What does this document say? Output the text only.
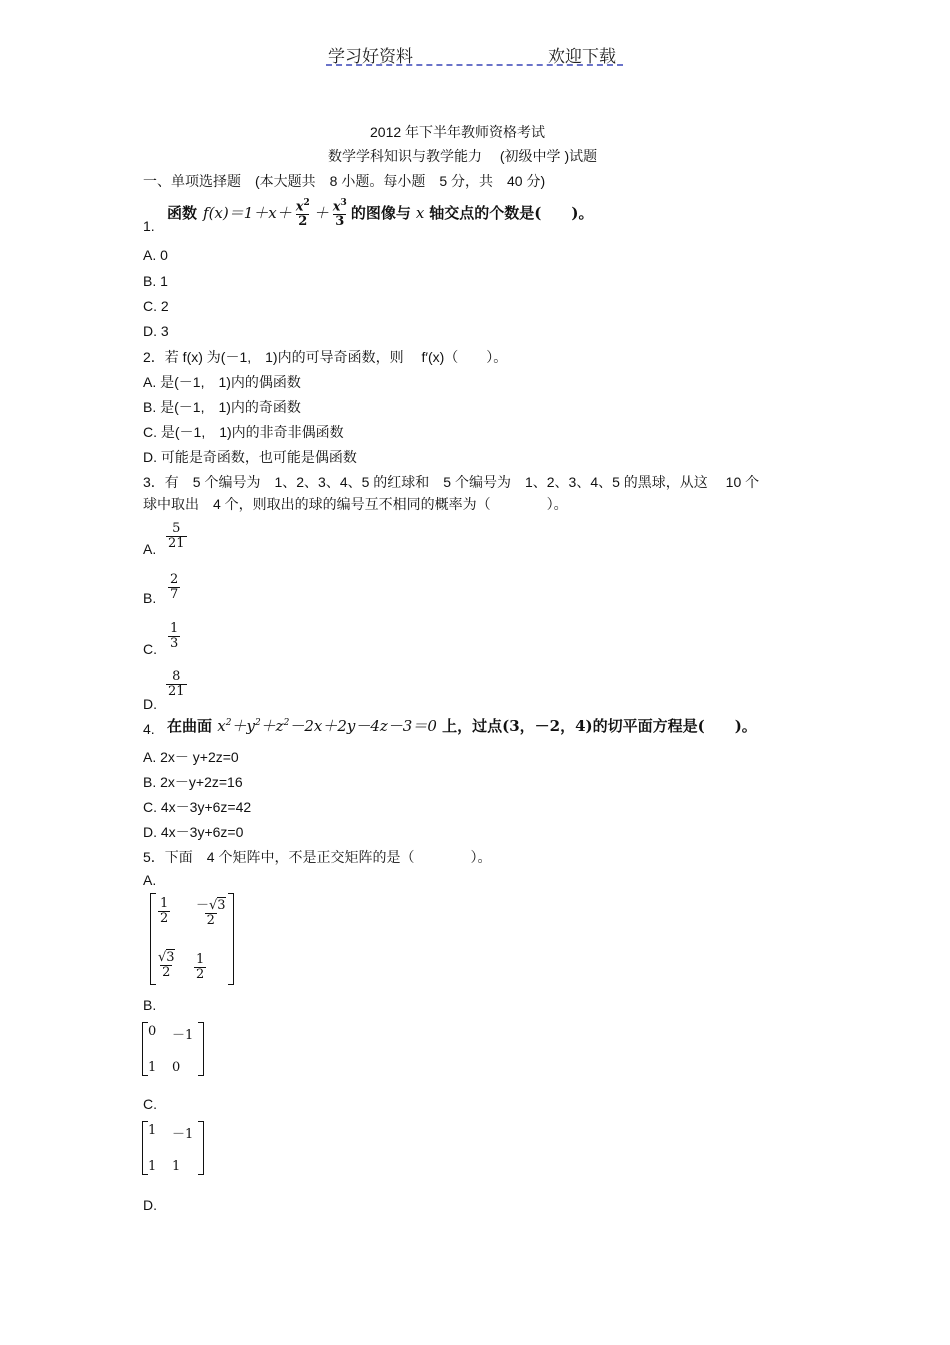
学习好资料	欢迎下载
2012 年下半年教师资格考试
数学学科知识与教学能力　 (初级中学 )试题
一、单项选择题　(本大题共　8 小题。每小题　5 分，共　40 分)
1.
函数 $f(x)=1+x+ \frac{x^2}{2} + \frac{x^3}{3}$ 的图像与 x 轴交点的个数是(　　)。
A. 0
B. 1
C. 2
D. 3
2．若 f(x) 为(－1,　1)内的可导奇函数，则　 f′(x)（　　）。
A. 是(－1,　1)内的偶函数
B. 是(－1,　1)内的奇函数
C. 是(－1,　1)内的非奇非偶函数
D. 可能是奇函数，也可能是偶函数
3．有　5 个编号为　1、2、3、4、5 的红球和　5 个编号为　1、2、3、4、5 的黑球，从这　 10 个
球中取出　4 个，则取出的球的编号互不相同的概率为（　　　　）。
A. $\frac{5}{21}$
B. $\frac{2}{7}$
C. $\frac{1}{3}$
D.
$\frac{8}{21}$
4. 在曲面 $x^2+y^2+z^2-2x+2y-4z-3=0$ 上，过点(3，－2，4)的切平面方程是(　　)。
A. 2x－ y+2z=0
B. 2x－y+2z=16
C. 4x－3y+6z=42
D. 4x－3y+6z=0
5．下面　4 个矩阵中，不是正交矩阵的是（　　　　）。
A.
$\frac{1}{2} \frac{-√3}{2}$
$\frac{√3}{2} \frac{1}{2}$
B.
0 －1
1 0
C.
1 －1
1 1
D.
